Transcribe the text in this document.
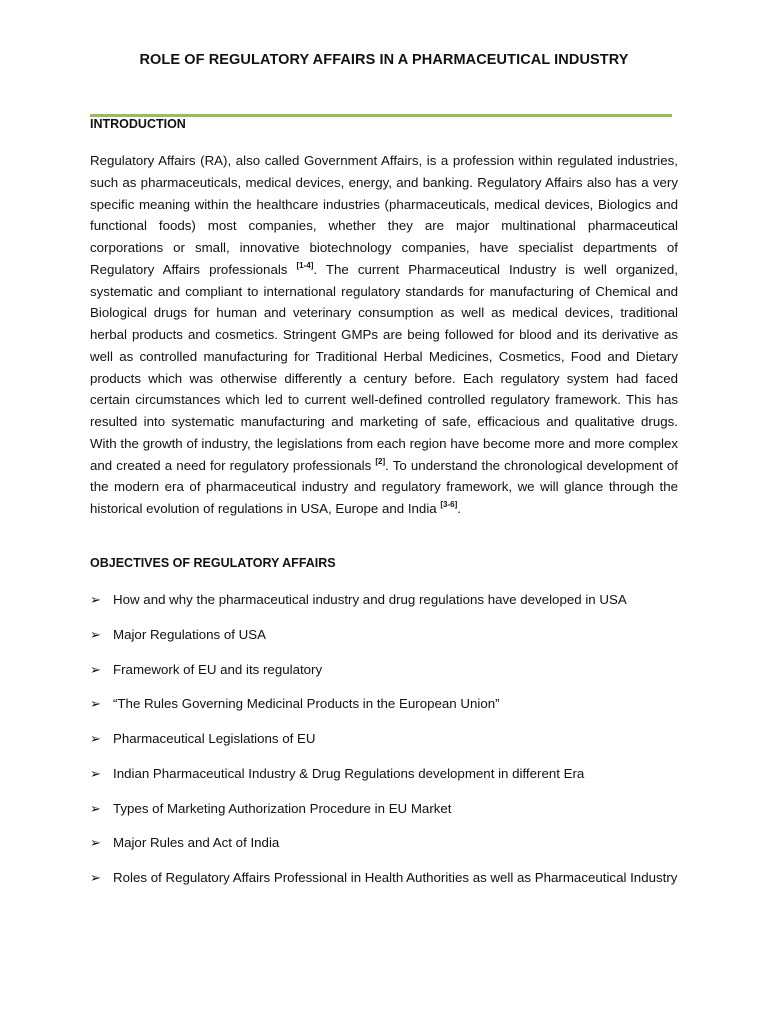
ROLE OF REGULATORY AFFAIRS IN A PHARMACEUTICAL INDUSTRY
INTRODUCTION

Regulatory Affairs (RA), also called Government Affairs, is a profession within regulated industries, such as pharmaceuticals, medical devices, energy, and banking. Regulatory Affairs also has a very specific meaning within the healthcare industries (pharmaceuticals, medical devices, Biologics and functional foods) most companies, whether they are major multinational pharmaceutical corporations or small, innovative biotechnology companies, have specialist departments of Regulatory Affairs professionals [1-4]. The current Pharmaceutical Industry is well organized, systematic and compliant to international regulatory standards for manufacturing of Chemical and Biological drugs for human and veterinary consumption as well as medical devices, traditional herbal products and cosmetics. Stringent GMPs are being followed for blood and its derivative as well as controlled manufacturing for Traditional Herbal Medicines, Cosmetics, Food and Dietary products which was otherwise differently a century before. Each regulatory system had faced certain circumstances which led to current well-defined controlled regulatory framework. This has resulted into systematic manufacturing and marketing of safe, efficacious and qualitative drugs. With the growth of industry, the legislations from each region have become more and more complex and created a need for regulatory professionals [2]. To understand the chronological development of the modern era of pharmaceutical industry and regulatory framework, we will glance through the historical evolution of regulations in USA, Europe and India [3-6].

OBJECTIVES OF REGULATORY AFFAIRS
➢ How and why the pharmaceutical industry and drug regulations have developed in USA
➢ Major Regulations of USA
➢ Framework of EU and its regulatory
➢ “The Rules Governing Medicinal Products in the European Union”
➢ Pharmaceutical Legislations of EU
➢ Indian Pharmaceutical Industry & Drug Regulations development in different Era
➢ Types of Marketing Authorization Procedure in EU Market
➢ Major Rules and Act of India
➢ Roles of Regulatory Affairs Professional in Health Authorities as well as Pharmaceutical Industry
